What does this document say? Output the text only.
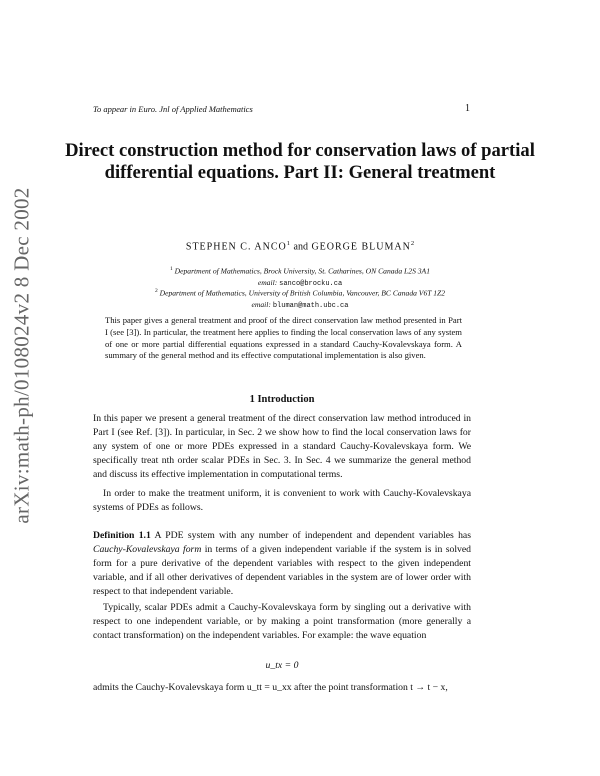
arXiv:math-ph/0108024v2 8 Dec 2002
To appear in Euro. Jnl of Applied Mathematics	1
Direct construction method for conservation laws of partial differential equations. Part II: General treatment
STEPHEN C. ANCO$^1$ and GEORGE BLUMAN$^2$
$^1$ Department of Mathematics, Brock University, St. Catharines, ON Canada L2S 3A1
email: sanco@brocku.ca
$^2$ Department of Mathematics, University of British Columbia, Vancouver, BC Canada V6T 1Z2
email: bluman@math.ubc.ca

This paper gives a general treatment and proof of the direct conservation law method presented in Part I (see [3]). In particular, the treatment here applies to finding the local conservation laws of any system of one or more partial differential equations expressed in a standard Cauchy-Kovalevskaya form. A summary of the general method and its effective computational implementation is also given.

1 Introduction

In this paper we present a general treatment of the direct conservation law method introduced in Part I (see Ref. [3]). In particular, in Sec. 2 we show how to find the local conservation laws for any system of one or more PDEs expressed in a standard Cauchy-Kovalevskaya form. We specifically treat nth order scalar PDEs in Sec. 3. In Sec. 4 we summarize the general method and discuss its effective implementation in computational terms.

In order to make the treatment uniform, it is convenient to work with Cauchy-Kovalevskaya systems of PDEs as follows.

Definition 1.1 A PDE system with any number of independent and dependent variables has Cauchy-Kovalevskaya form in terms of a given independent variable if the system is in solved form for a pure derivative of the dependent variables with respect to the given independent variable, and if all other derivatives of dependent variables in the system are of lower order with respect to that independent variable.

Typically, scalar PDEs admit a Cauchy-Kovalevskaya form by singling out a derivative with respect to one independent variable, or by making a point transformation (more generally a contact transformation) on the independent variables. For example: the wave equation

u_tx = 0

admits the Cauchy-Kovalevskaya form u_tt = u_xx after the point transformation t → t − x,
